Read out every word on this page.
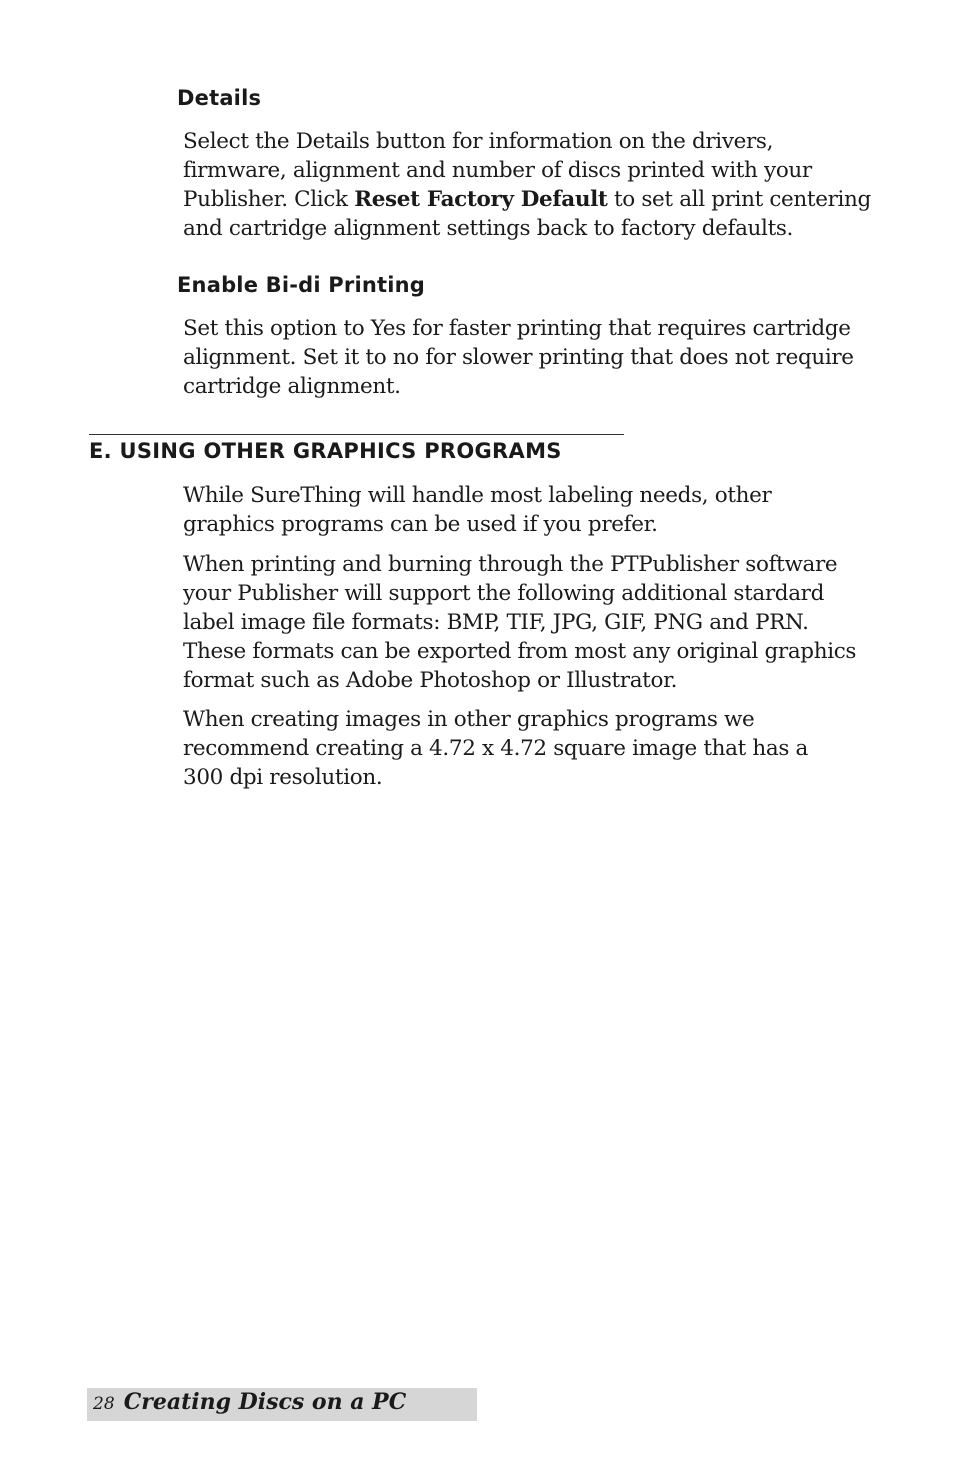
Details

Select the Details button for information on the drivers,
firmware, alignment and number of discs printed with your
Publisher. Click Reset Factory Default to set all print centering
and cartridge alignment settings back to factory defaults.

Enable Bi-di Printing

Set this option to Yes for faster printing that requires cartridge
alignment. Set it to no for slower printing that does not require
cartridge alignment.

E. USING OTHER GRAPHICS PROGRAMS

While SureThing will handle most labeling needs, other
graphics programs can be used if you prefer.

When printing and burning through the PTPublisher software
your Publisher will support the following additional stardard
label image file formats: BMP, TIF, JPG, GIF, PNG and PRN.
These formats can be exported from most any original graphics
format such as Adobe Photoshop or Illustrator.

When creating images in other graphics programs we
recommend creating a 4.72 x 4.72 square image that has a
300 dpi resolution.

28 Creating Discs on a PC
